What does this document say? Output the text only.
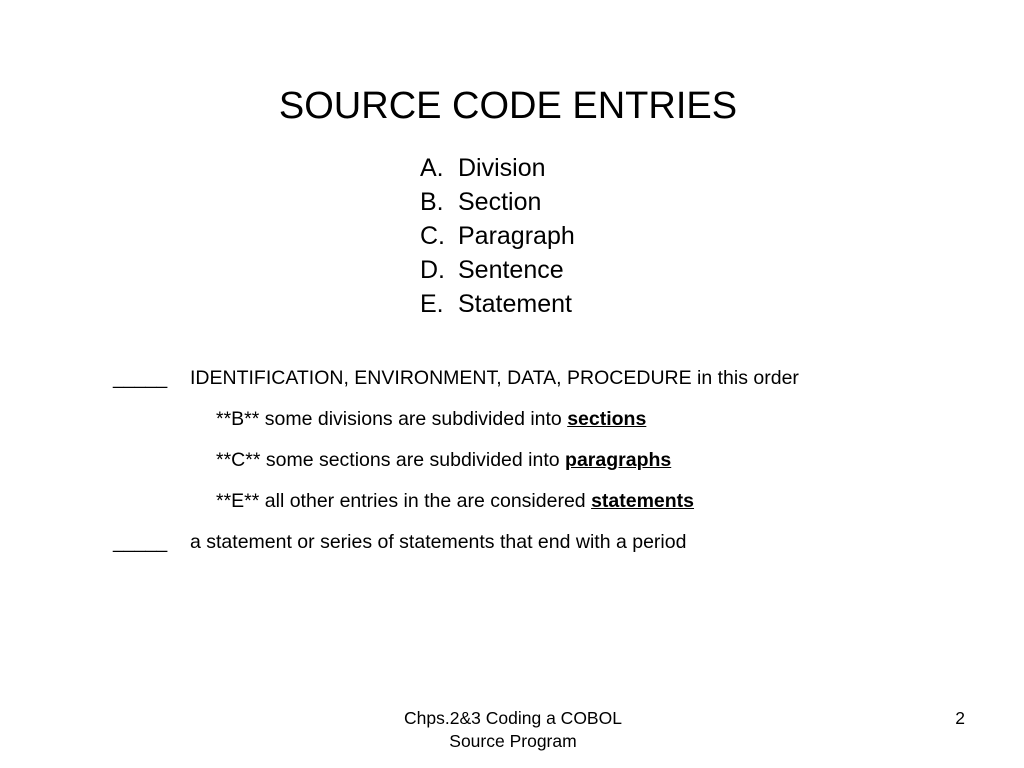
SOURCE CODE ENTRIES
A. Division
B. Section
C. Paragraph
D. Sentence
E. Statement
_____ IDENTIFICATION, ENVIRONMENT, DATA, PROCEDURE in this order
**B** some divisions are subdivided into sections
**C** some sections are subdivided into paragraphs
**E** all other entries in the are considered statements
_____ a statement or series of statements that end with a period
Chps.2&3 Coding a COBOL
Source Program
2
